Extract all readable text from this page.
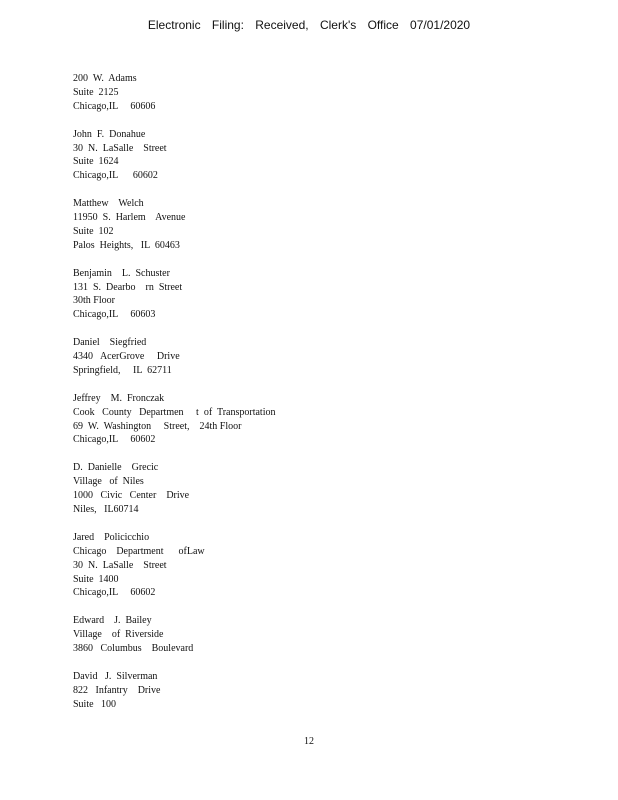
Electronic Filing: Received, Clerk's Office 07/01/2020
200  W.  Adams
Suite  2125
Chicago,IL     60606
John  F.  Donahue
30  N.  LaSalle    Street
Suite  1624
Chicago,IL      60602
Matthew    Welch
11950  S.  Harlem    Avenue
Suite  102
Palos  Heights,   IL  60463
Benjamin    L.  Schuster
131  S.  Dearbo    rn  Street
30th Floor
Chicago,IL     60603
Daniel    Siegfried
4340   AcerGrove     Drive
Springfield,     IL  62711
Jeffrey    M.  Fronczak
Cook   County   Departmen     t  of  Transportation
69  W.  Washington     Street,    24th Floor
Chicago,IL     60602
D.  Danielle    Grecic
Village   of  Niles
1000   Civic   Center    Drive
Niles,   IL60714
Jared    Policicchio
Chicago    Department      ofLaw
30  N.  LaSalle    Street
Suite  1400
Chicago,IL     60602
Edward    J.  Bailey
Village    of  Riverside
3860   Columbus    Boulevard
David   J.  Silverman
822   Infantry    Drive
Suite   100
12
